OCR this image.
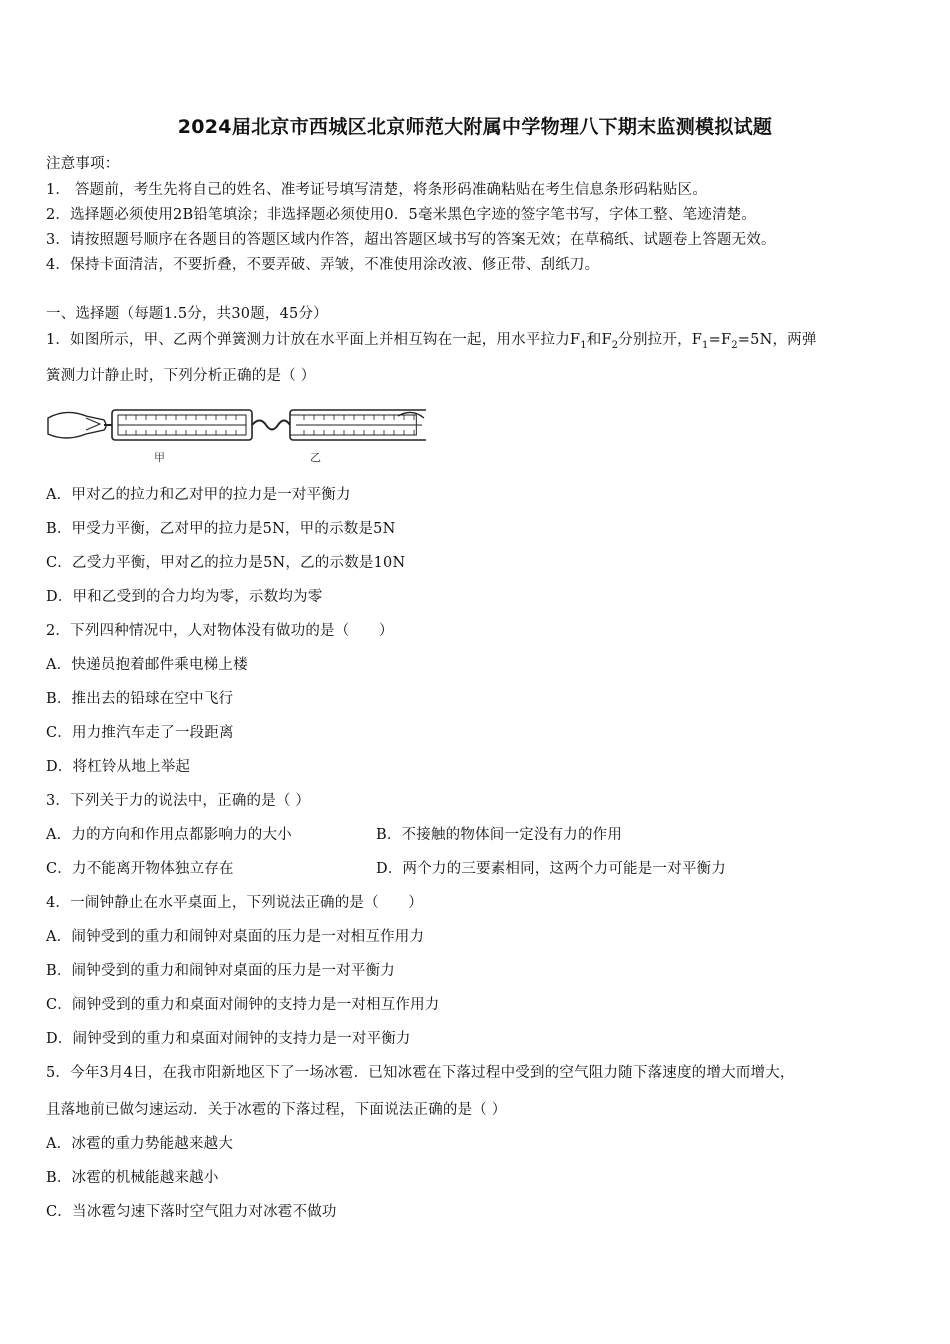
2024届北京市西城区北京师范大附属中学物理八下期末监测模拟试题
注意事项：
1． 答题前，考生先将自己的姓名、准考证号填写清楚，将条形码准确粘贴在考生信息条形码粘贴区。
2．选择题必须使用2B铅笔填涂；非选择题必须使用0．5毫米黑色字迹的签字笔书写，字体工整、笔迹清楚。
3．请按照题号顺序在各题目的答题区域内作答，超出答题区域书写的答案无效；在草稿纸、试题卷上答题无效。
4．保持卡面清洁，不要折叠，不要弄破、弄皱，不准使用涂改液、修正带、刮纸刀。
一、选择题（每题1.5分，共30题，45分）
1．如图所示，甲、乙两个弹簧测力计放在水平面上并相互钩在一起，用水平拉力$F_1$和$F_2$分别拉开，$F_1=F_2=5N$，两弹
簧测力计静止时，下列分析正确的是（ ）
甲	乙
A．甲对乙的拉力和乙对甲的拉力是一对平衡力
B．甲受力平衡，乙对甲的拉力是5N，甲的示数是5N
C．乙受力平衡，甲对乙的拉力是5N，乙的示数是10N
D．甲和乙受到的合力均为零，示数均为零
2．下列四种情况中，人对物体没有做功的是（　　）
A．快递员抱着邮件乘电梯上楼
B．推出去的铅球在空中飞行
C．用力推汽车走了一段距离
D．将杠铃从地上举起
3．下列关于力的说法中，正确的是（ ）
A．力的方向和作用点都影响力的大小	B．不接触的物体间一定没有力的作用
C．力不能离开物体独立存在	D．两个力的三要素相同，这两个力可能是一对平衡力
4．一闹钟静止在水平桌面上，下列说法正确的是（　　）
A．闹钟受到的重力和闹钟对桌面的压力是一对相互作用力
B．闹钟受到的重力和闹钟对桌面的压力是一对平衡力
C．闹钟受到的重力和桌面对闹钟的支持力是一对相互作用力
D．闹钟受到的重力和桌面对闹钟的支持力是一对平衡力
5．今年3月4日，在我市阳新地区下了一场冰雹．已知冰雹在下落过程中受到的空气阻力随下落速度的增大而增大，
且落地前已做匀速运动．关于冰雹的下落过程，下面说法正确的是（ ）
A．冰雹的重力势能越来越大
B．冰雹的机械能越来越小
C．当冰雹匀速下落时空气阻力对冰雹不做功
